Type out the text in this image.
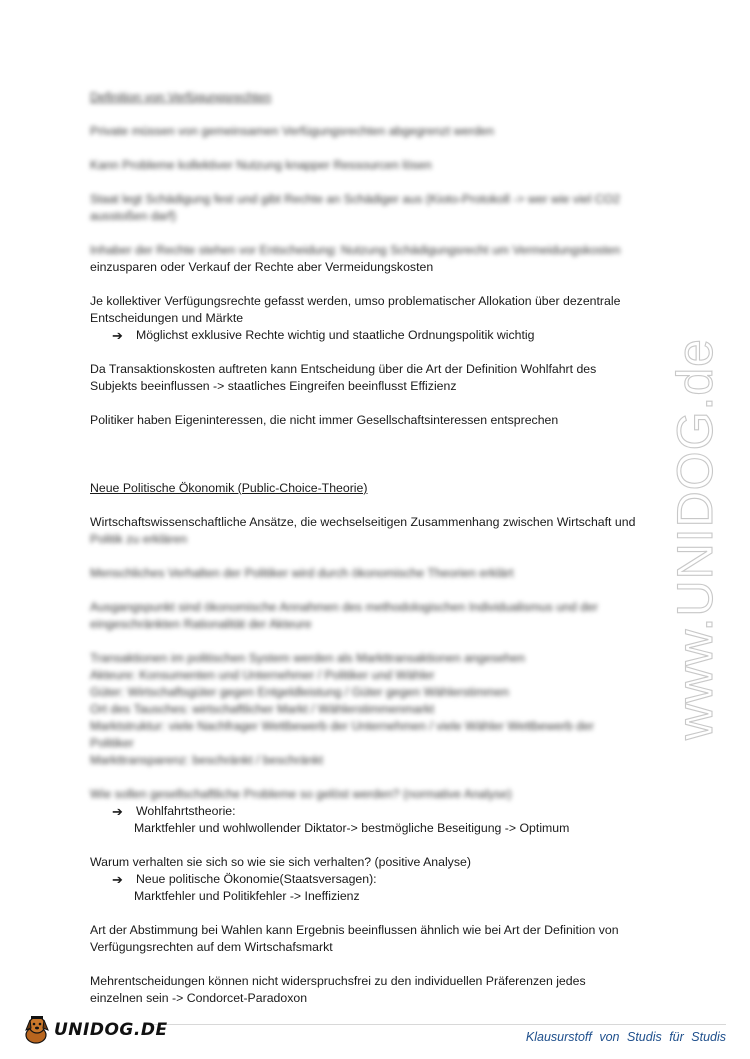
Definition von Verfügungsrechten
Private müssen von gemeinsamen Verfügungsrechten abgegrenzt werden
Kann Probleme kollektiver Nutzung knapper Ressourcen lösen
Staat legt Schädigung fest und gibt Rechte an Schädiger aus (Kioto-Protokoll -> wer wie viel CO2
ausstoßen darf)
Inhaber der Rechte stehen vor Entscheidung: Nutzung Schädigungsrecht um Vermeidungskosten
einzusparen oder Verkauf der Rechte aber Vermeidungskosten
Je kollektiver Verfügungsrechte gefasst werden, umso problematischer Allokation über dezentrale
Entscheidungen und Märkte
➔	Möglichst exklusive Rechte wichtig und staatliche Ordnungspolitik wichtig
Da Transaktionskosten auftreten kann Entscheidung über die Art der Definition Wohlfahrt des
Subjekts beeinflussen -> staatliches Eingreifen beeinflusst Effizienz
Politiker haben Eigeninteressen, die nicht immer Gesellschaftsinteressen entsprechen
Neue Politische Ökonomik (Public-Choice-Theorie)
Wirtschaftswissenschaftliche Ansätze, die wechselseitigen Zusammenhang zwischen Wirtschaft und
Politik zu erklären
Menschliches Verhalten der Politiker wird durch ökonomische Theorien erklärt
Ausgangspunkt sind ökonomische Annahmen des methodologischen Individualismus und der
eingeschränkten Rationalität der Akteure
Transaktionen im politischen System werden als Markttransaktionen angesehen
Akteure: Konsumenten und Unternehmer / Politiker und Wähler
Güter: Wirtschaftsgüter gegen Entgeldleistung / Güter gegen Wählerstimmen
Ort des Tausches: wirtschaftlicher Markt / Wählerstimmenmarkt
Marktstruktur: viele Nachfrager Wettbewerb der Unternehmen / viele Wähler Wettbewerb der
Politiker
Markttransparenz: beschränkt / beschränkt
Wie sollen gesellschaftliche Probleme so gelöst werden? (normative Analyse)
➔	Wohlfahrtstheorie:
Marktfehler und wohlwollender Diktator-> bestmögliche Beseitigung -> Optimum
Warum verhalten sie sich so wie sie sich verhalten? (positive Analyse)
➔	Neue politische Ökonomie(Staatsversagen):
Marktfehler und Politikfehler -> Ineffizienz
Art der Abstimmung bei Wahlen kann Ergebnis beeinflussen ähnlich wie bei Art der Definition von
Verfügungsrechten auf dem Wirtschafsmarkt
Mehrentscheidungen können nicht widerspruchsfrei zu den individuellen Präferenzen jedes
einzelnen sein -> Condorcet-Paradoxon
www.UNIDOG.de
UNIDOG.DE	Klausurstoff von Studis für Studis
